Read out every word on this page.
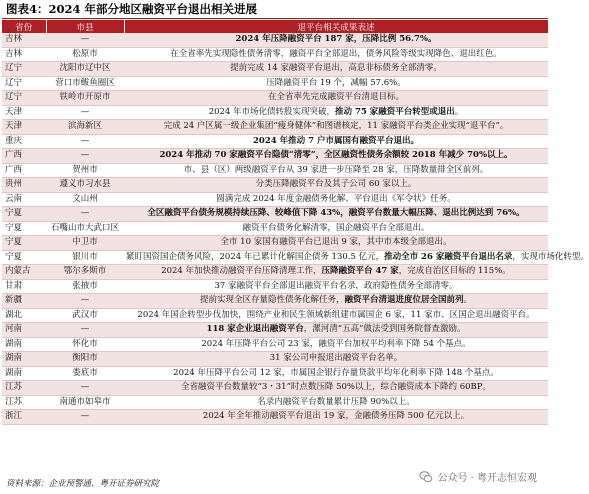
图表4：2024 年部分地区融资平台退出相关进展
省份	市县	退平台相关成果表述
吉林	—	2024 年压降融资平台 187 家，压降比例 56.7%。
吉林	松原市	在全省率先实现隐性债务清零，融资平台全部退出，债务风险等级实现降色、退出红色。
辽宁	沈阳市辽中区	提前完成 14 家融资平台退出，高息非标债务全部清零。
辽宁	营口市鲅鱼圈区	压降融资平台 19 个，减幅 57.6%。
辽宁	铁岭市开原市	在全省率先完成融资平台清退目标。
天津	—	2024 年市场化债转股实现突破，推动 75 家融资平台转型或退出。
天津	滨海新区	完成 24 户区属一级企业集团“瘦身健体”和图谱核定，11 家融资平台类企业实现“退平台”。
重庆	—	2024 年推动 7 户市属国有融资平台退出。
广西	—	2024 年推动 70 家融资平台隐债“清零”，全区融资性债务余额较 2018 年减少 70%以上。
广西	贺州市	市、县（区）两级融资平台从 39 家进一步压降至 28 家，压降数量排全区前列。
贵州	遵义市习水县	分类压降融资平台及其子公司 60 家以上。
云南	文山州	圆满完成 2024 年度金融债务化解、平台退出《军令状》任务。
宁夏	—	全区融资平台债务规模持续压降、较峰值下降 43%，融资平台数量大幅压降、退出比例达到 76%。
宁夏	石嘴山市大武口区	融资平台债务化解清零，国企融资平台全部退出。
宁夏	中卫市	全市 10 家国有融资平台已退出 9 家，其中市本级全部退出。
宁夏	银川市	紧盯国资国企债务风险，2024 年已累计化解国企债务 130.5 亿元，推动全市 26 家融资平台退出名录，实现市场化转型。
内蒙古	鄂尔多斯市	2024 年加快推动融资平台压降清理工作，压降融资平台 47 家，完成自治区目标的 115%。
甘肃	张掖市	37 家融资平台全部退出融资平台名录，政府隐性债务全部清零。
新疆	—	提前实现全区存量隐性债务化解任务，融资平台清退进度位居全国前列。
湖北	武汉市	2024 年国企转型步伐加快，围绕产业和民生领域新组建市属国企 6 家，11 家市、区国企退出融资平台。
河南	—	118 家企业退出融资平台，漯河清“五高”做法受到国务院督查激励。
湖南	怀化市	2024 年压降平台公司 23 家，融资平台加权平均利率下降 54 个基点。
湖南	衡阳市	31 家公司申报退出融资平台名单。
湖南	娄底市	2024 年压降平台公司 12 家，市属国企银行存量贷款平均年化利率下降 148 个基点。
江苏	—	全省融资平台数量较“3・31”时点数压降 50%以上，综合融资成本下降约 60BP。
江苏	南通市如皋市	名录内融资平台数量累计压降 90%以上。
浙江	—	2024 年全年推动融资平台退出 19 家，金融债务压降 500 亿元以上。
资料来源：企业预警通、粤开证券研究院	公众号 · 粤开志恒宏观
